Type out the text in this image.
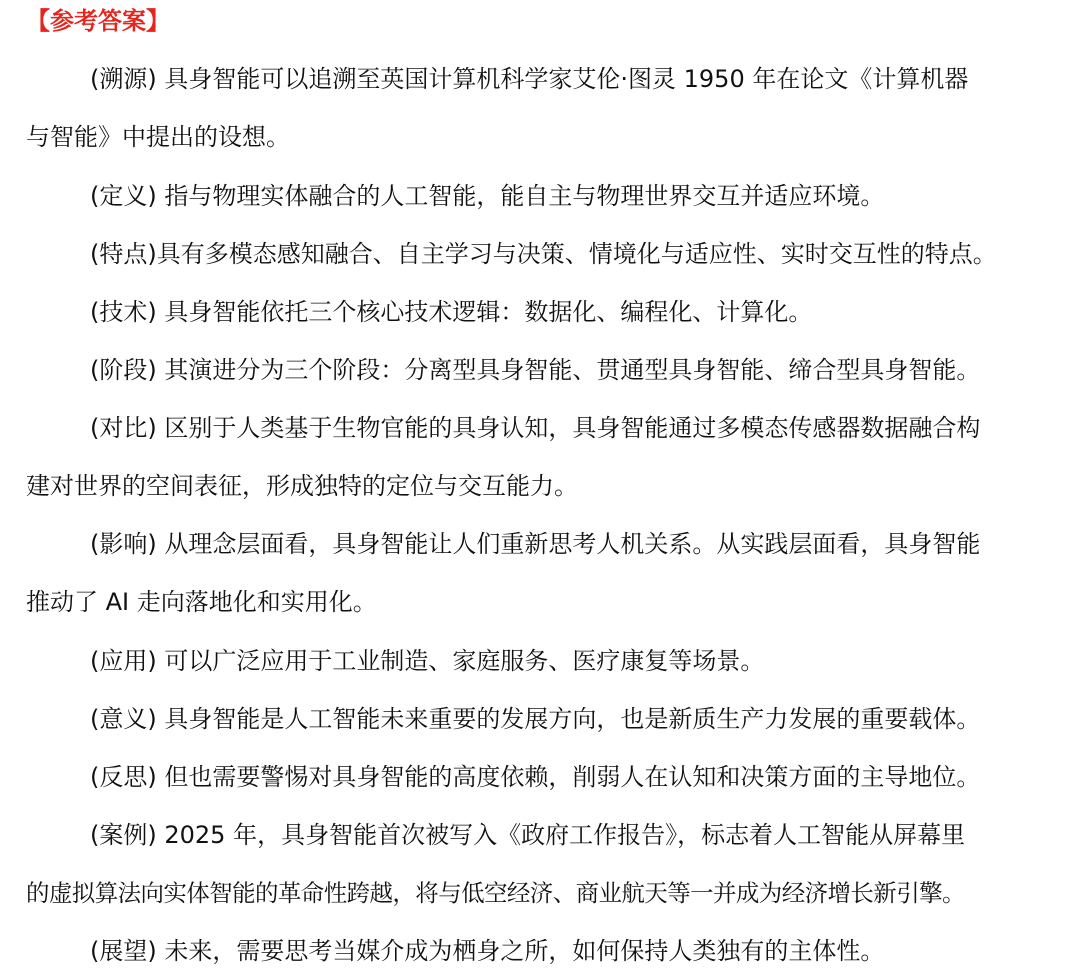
【参考答案】
(溯源) 具身智能可以追溯至英国计算机科学家艾伦·图灵 1950 年在论文《计算机器
与智能》中提出的设想。
(定义) 指与物理实体融合的人工智能，能自主与物理世界交互并适应环境。
(特点)具有多模态感知融合、自主学习与决策、情境化与适应性、实时交互性的特点。
(技术) 具身智能依托三个核心技术逻辑：数据化、编程化、计算化。
(阶段) 其演进分为三个阶段：分离型具身智能、贯通型具身智能、缔合型具身智能。
(对比) 区别于人类基于生物官能的具身认知，具身智能通过多模态传感器数据融合构
建对世界的空间表征，形成独特的定位与交互能力。
(影响) 从理念层面看，具身智能让人们重新思考人机关系。从实践层面看，具身智能
推动了 AI 走向落地化和实用化。
(应用) 可以广泛应用于工业制造、家庭服务、医疗康复等场景。
(意义) 具身智能是人工智能未来重要的发展方向，也是新质生产力发展的重要载体。
(反思) 但也需要警惕对具身智能的高度依赖，削弱人在认知和决策方面的主导地位。
(案例) 2025 年，具身智能首次被写入《政府工作报告》，标志着人工智能从屏幕里
的虚拟算法向实体智能的革命性跨越，将与低空经济、商业航天等一并成为经济增长新引擎。
(展望) 未来，需要思考当媒介成为栖身之所，如何保持人类独有的主体性。
